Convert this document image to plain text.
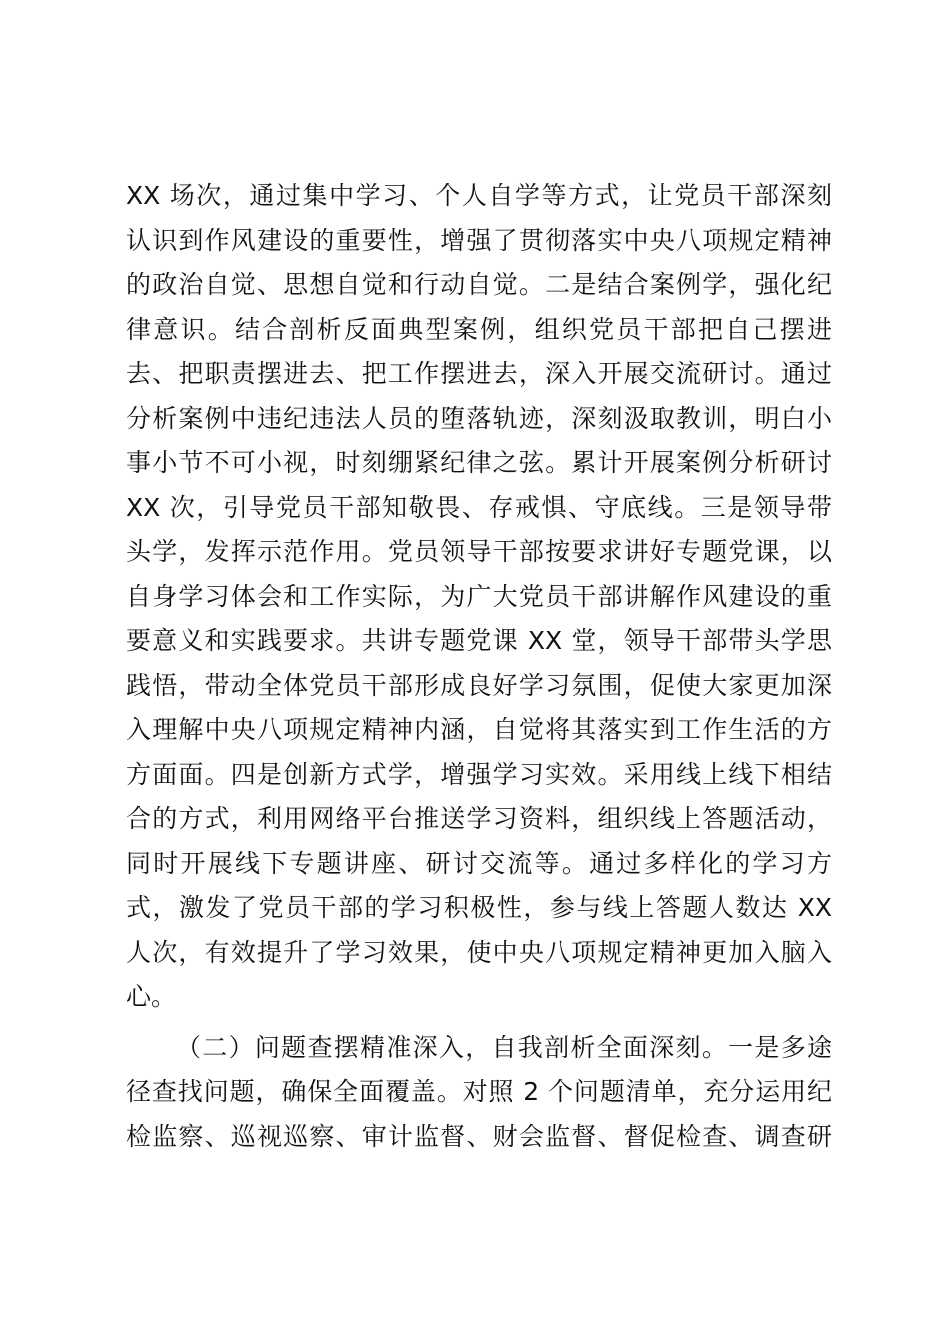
XX 场次，通过集中学习、个人自学等方式，让党员干部深刻
认识到作风建设的重要性，增强了贯彻落实中央八项规定精神
的政治自觉、思想自觉和行动自觉。二是结合案例学，强化纪
律意识。结合剖析反面典型案例，组织党员干部把自己摆进
去、把职责摆进去、把工作摆进去，深入开展交流研讨。通过
分析案例中违纪违法人员的堕落轨迹，深刻汲取教训，明白小
事小节不可小视，时刻绷紧纪律之弦。累计开展案例分析研讨
XX 次，引导党员干部知敬畏、存戒惧、守底线。三是领导带
头学，发挥示范作用。党员领导干部按要求讲好专题党课，以
自身学习体会和工作实际，为广大党员干部讲解作风建设的重
要意义和实践要求。共讲专题党课 XX 堂，领导干部带头学思
践悟，带动全体党员干部形成良好学习氛围，促使大家更加深
入理解中央八项规定精神内涵，自觉将其落实到工作生活的方
方面面。四是创新方式学，增强学习实效。采用线上线下相结
合的方式，利用网络平台推送学习资料，组织线上答题活动，
同时开展线下专题讲座、研讨交流等。通过多样化的学习方
式，激发了党员干部的学习积极性，参与线上答题人数达 XX
人次，有效提升了学习效果，使中央八项规定精神更加入脑入
心。
（二）问题查摆精准深入，自我剖析全面深刻。一是多途
径查找问题，确保全面覆盖。对照 2 个问题清单，充分运用纪
检监察、巡视巡察、审计监督、财会监督、督促检查、调查研
